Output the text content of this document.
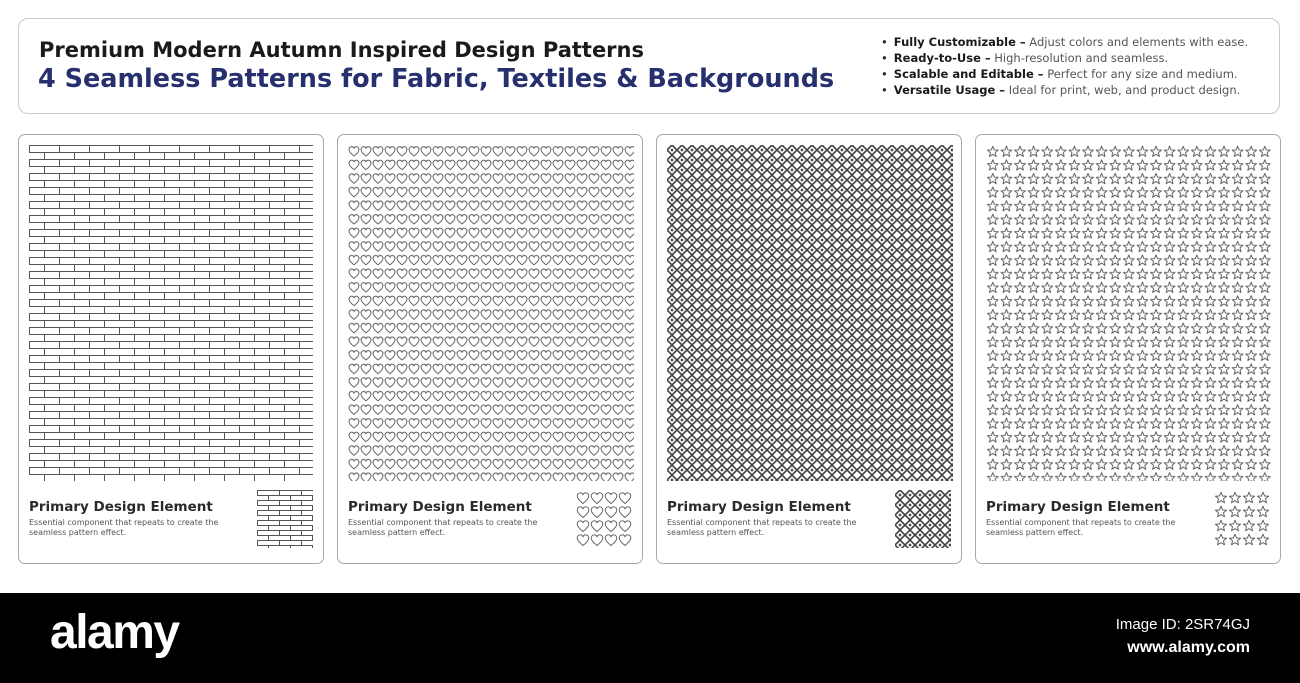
Premium Modern Autumn Inspired Design Patterns
4 Seamless Patterns for Fabric, Textiles & Backgrounds
• Fully Customizable – Adjust colors and elements with ease.
• Ready-to-Use – High-resolution and seamless.
• Scalable and Editable – Perfect for any size and medium.
• Versatile Usage – Ideal for print, web, and product design.
Primary Design Element
Essential component that repeats to create the seamless pattern effect.
Primary Design Element
Essential component that repeats to create the seamless pattern effect.
Primary Design Element
Essential component that repeats to create the seamless pattern effect.
Primary Design Element
Essential component that repeats to create the seamless pattern effect.
alamy	Image ID: 2SR74GJ
www.alamy.com
